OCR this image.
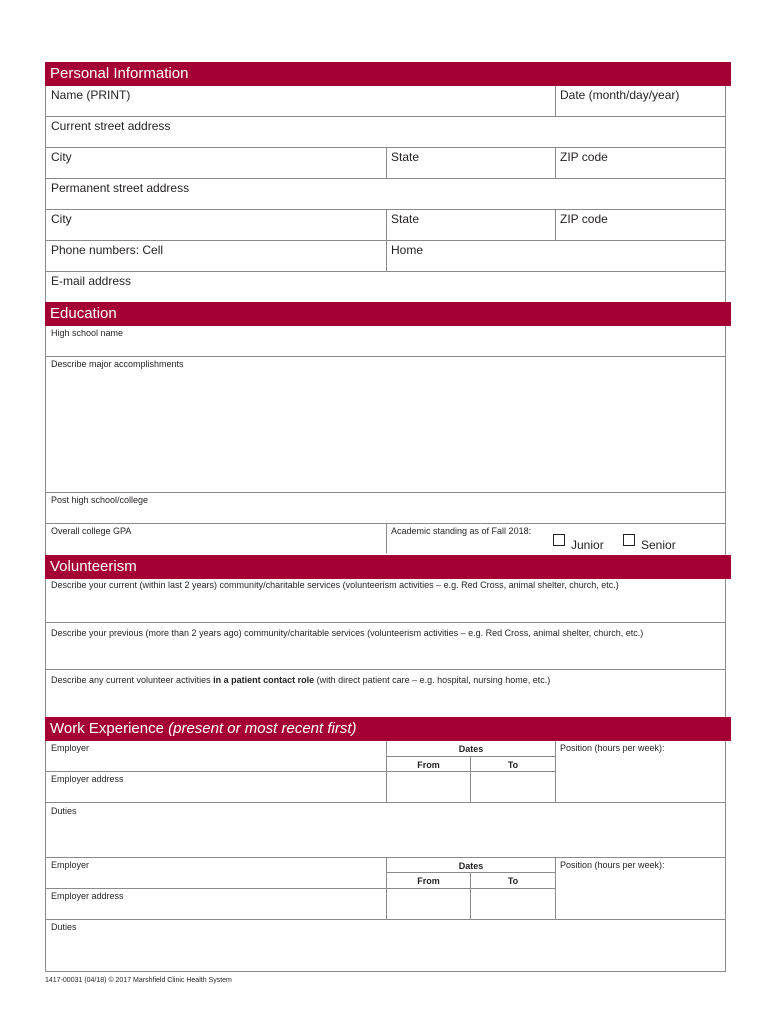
Personal Information
Name (PRINT)	Date (month/day/year)
Current street address
City	State	ZIP code
Permanent street address
City	State	ZIP code
Phone numbers: Cell	Home
E-mail address
Education
High school name
Describe major accomplishments
Post high school/college
Overall college GPA	Academic standing as of Fall 2018:
Junior	Senior
Volunteerism
Describe your current (within last 2 years) community/charitable services (volunteerism activities – e.g. Red Cross, animal shelter, church, etc.)
Describe your previous (more than 2 years ago) community/charitable services (volunteerism activities – e.g. Red Cross, animal shelter, church, etc.)
Describe any current volunteer activities in a patient contact role (with direct patient care – e.g. hospital, nursing home, etc.)
Work Experience (present or most recent first)
Employer	Dates
From	To
Position (hours per week):
Employer address
Duties
Employer	Dates
From	To
Position (hours per week):
Employer address
Duties
1417-00031 (04/18) © 2017 Marshfield Clinic Health System
